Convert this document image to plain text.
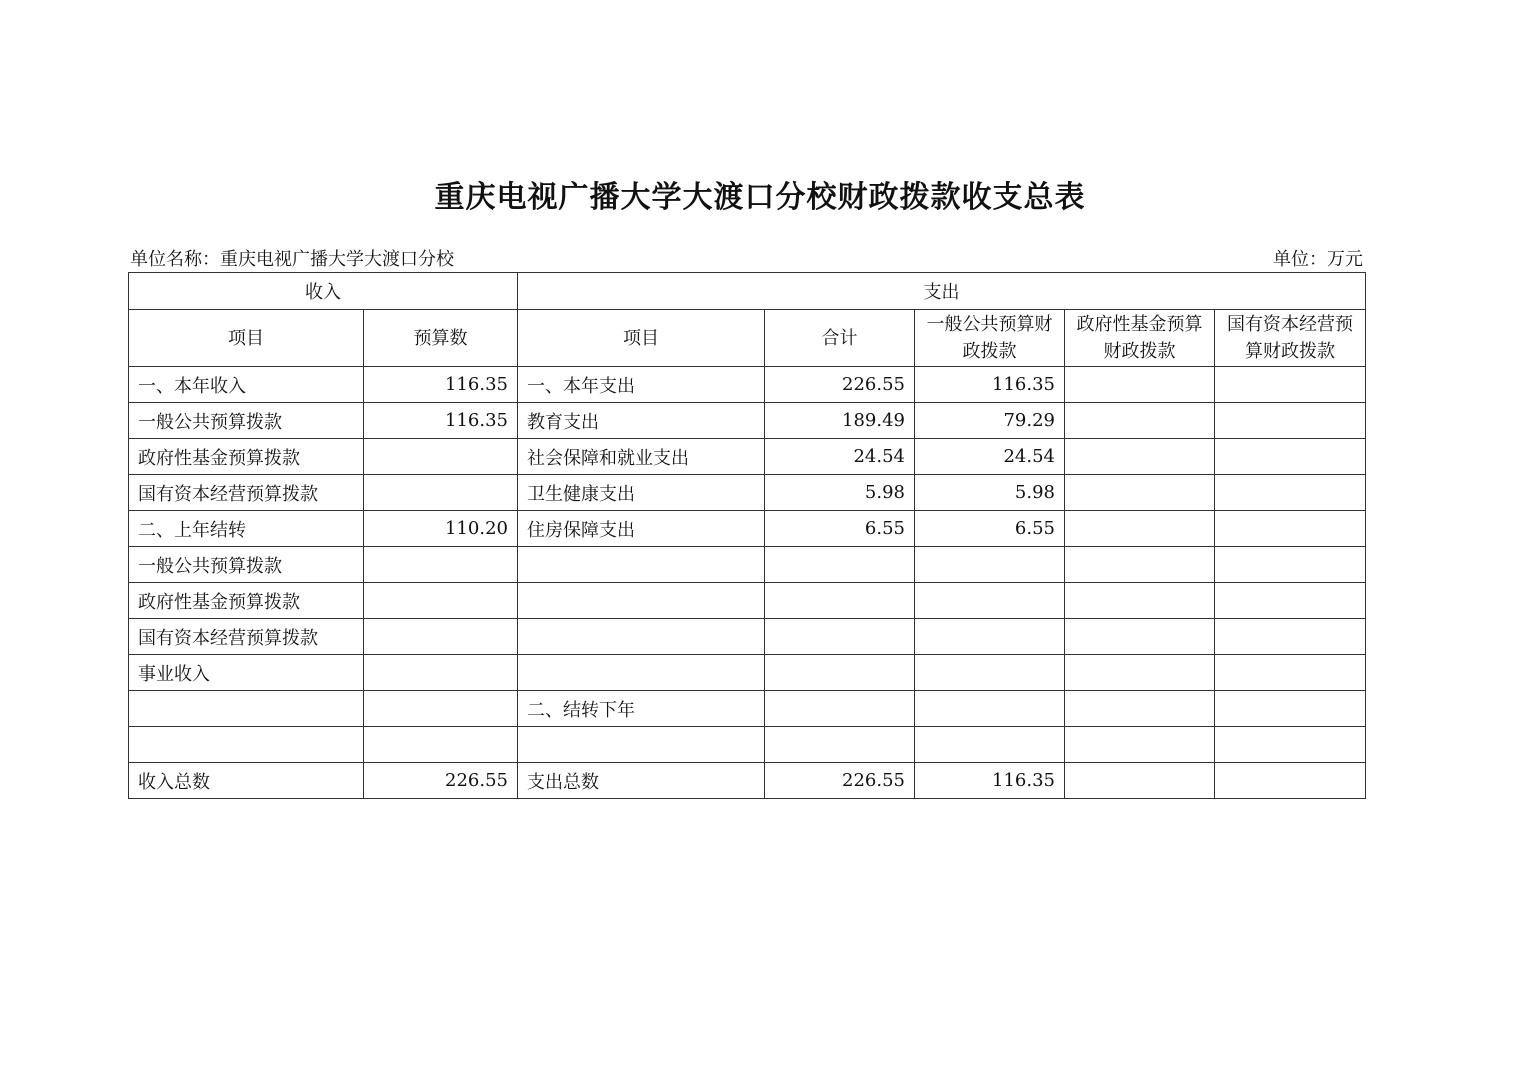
重庆电视广播大学大渡口分校财政拨款收支总表
单位名称：重庆电视广播大学大渡口分校	单位：万元
收入		支出				
项目	预算数	项目	合计	一般公共预算财政拨款	政府性基金预算财政拨款	国有资本经营预算财政拨款
一、本年收入	116.35	一、本年支出	226.55	116.35		
一般公共预算拨款	116.35	教育支出	189.49	79.29		
政府性基金预算拨款		社会保障和就业支出	24.54	24.54		
国有资本经营预算拨款		卫生健康支出	5.98	5.98		
二、上年结转	110.20	住房保障支出	6.55	6.55		
一般公共预算拨款						
政府性基金预算拨款						
国有资本经营预算拨款						
事业收入						
		二、结转下年				

收入总数	226.55	支出总数	226.55	116.35		
